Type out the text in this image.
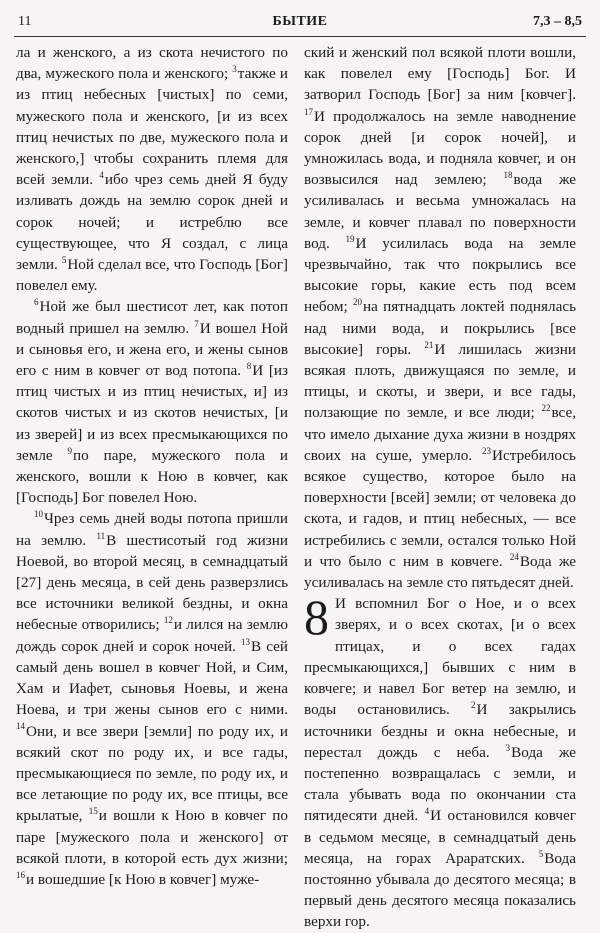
11	БЫТИЕ	7,3 – 8,5

ла и женского, а из скота нечистого по два, мужеского пола и женского; $^3$также и из птиц небесных [чистых] по семи, мужеского пола и женского, [и из всех птиц нечистых по две, мужеского пола и женского,] чтобы сохранить племя для всей земли. $^4$ибо чрез семь дней Я буду изливать дождь на землю сорок дней и сорок ночей; и истреблю все существующее, что Я создал, с лица земли. $^5$Ной сделал все, что Господь [Бог] повелел ему.

$^6$Ной же был шестисот лет, как потоп водный пришел на землю. $^7$И вошел Ной и сыновья его, и жена его, и жены сынов его с ним в ковчег от вод потопа. $^8$И [из птиц чистых и из птиц нечистых, и] из скотов чистых и из скотов нечистых, [и из зверей] и из всех пресмыкающихся по земле $^9$по паре, мужеского пола и женского, вошли к Ною в ковчег, как [Господь] Бог повелел Ною.

$^{10}$Чрез семь дней воды потопа пришли на землю. $^{11}$В шестисотый год жизни Ноевой, во второй месяц, в семнадцатый [27] день месяца, в сей день разверзлись все источники великой бездны, и окна небесные отворились; $^{12}$и лился на землю дождь сорок дней и сорок ночей. $^{13}$В сей самый день вошел в ковчег Ной, и Сим, Хам и Иафет, сыновья Ноевы, и жена Ноева, и три жены сынов его с ними. $^{14}$Они, и все звери [земли] по роду их, и всякий скот по роду их, и все гады, пресмыкающиеся по земле, по роду их, и все летающие по роду их, все птицы, все крылатые, $^{15}$и вошли к Ною в ковчег по паре [мужеского пола и женского] от всякой плоти, в которой есть дух жизни; $^{16}$и вошедшие [к Ною в ковчег] муже-

ский и женский пол всякой плоти вошли, как повелел ему [Господь] Бог. И затворил Господь [Бог] за ним [ковчег]. $^{17}$И продолжалось на земле наводнение сорок дней [и сорок ночей], и умножилась вода, и подняла ковчег, и он возвысился над землею; $^{18}$вода же усиливалась и весьма умножалась на земле, и ковчег плавал по поверхности вод. $^{19}$И усилилась вода на земле чрезвычайно, так что покрылись все высокие горы, какие есть под всем небом; $^{20}$на пятнадцать локтей поднялась над ними вода, и покрылись [все высокие] горы. $^{21}$И лишилась жизни всякая плоть, движущаяся по земле, и птицы, и скоты, и звери, и все гады, ползающие по земле, и все люди; $^{22}$все, что имело дыхание духа жизни в ноздрях своих на суше, умерло. $^{23}$Истребилось всякое существо, которое было на поверхности [всей] земли; от человека до скота, и гадов, и птиц небесных, — все истребились с земли, остался только Ной и что было с ним в ковчеге. $^{24}$Вода же усиливалась на земле сто пятьдесят дней.

8 И вспомнил Бог о Ное, и о всех зверях, и о всех скотах, [и о всех птицах, и о всех гадах пресмыкающихся,] бывших с ним в ковчеге; и навел Бог ветер на землю, и воды остановились. $^2$И закрылись источники бездны и окна небесные, и перестал дождь с неба. $^3$Вода же постепенно возвращалась с земли, и стала убывать вода по окончании ста пятидесяти дней. $^4$И остановился ковчег в седьмом месяце, в семнадцатый день месяца, на горах Араратских. $^5$Вода постоянно убывала до десятого месяца; в первый день десятого месяца показались верхи гор.
